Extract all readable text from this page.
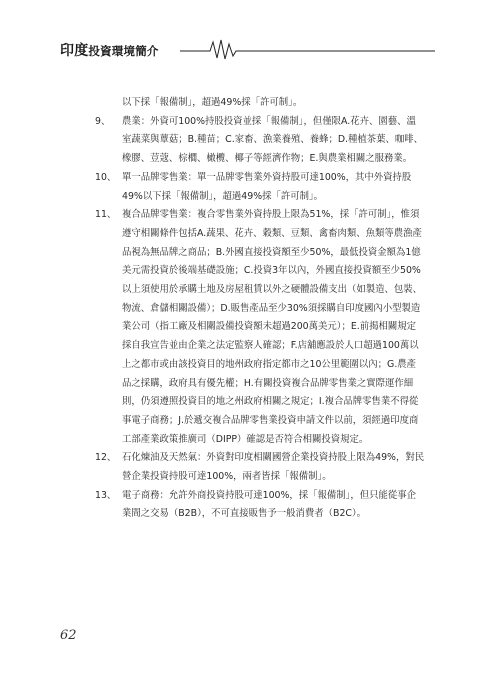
印度投資環境簡介
以下採「報備制」，超過49%採「許可制」。
9、 農業：外資可100%持股投資並採「報備制」，但僅限A.花卉、園藝、溫室蔬菜與蕈菇；B.種苗；C.家畜、漁業養殖、養蜂；D.種植茶葉、咖啡、橡膠、荳蔻、棕櫚、橄欖、椰子等經濟作物；E.與農業相關之服務業。
10、 單一品牌零售業：單一品牌零售業外資持股可達100%，其中外資持股49%以下採「報備制」，超過49%採「許可制」。
11、 複合品牌零售業：複合零售業外資持股上限為51%，採「許可制」，惟須遵守相關條件包括A.蔬果、花卉、穀類、豆類、禽畜肉類、魚類等農漁產品視為無品牌之商品；B.外國直接投資額至少50%，最低投資金額為1億美元需投資於後端基礎設施；C.投資3年以內，外國直接投資額至少50%以上須使用於承購土地及房屋租賃以外之硬體設備支出（如製造、包裝、物流、倉儲相關設備）；D.販售產品至少30%須採購自印度國內小型製造業公司（指工廠及相關設備投資額未超過200萬美元）；E.前揭相關規定採自我宣告並由企業之法定監察人確認；F.店舖應設於人口超過100萬以上之都市或由該投資目的地州政府指定都市之10公里範圍以內；G.農產品之採購，政府具有優先權；H.有關投資複合品牌零售業之實際運作細則，仍須遵照投資目的地之州政府相關之規定；I.複合品牌零售業不得從事電子商務；J.於遞交複合品牌零售業投資申請文件以前，須經過印度商工部產業政策推廣司（DIPP）確認是否符合相關投資規定。
12、 石化煉油及天然氣：外資對印度相關國營企業投資持股上限為49%，對民營企業投資持股可達100%，兩者皆採「報備制」。
13、 電子商務：允許外商投資持股可達100%，採「報備制」，但只能從事企業間之交易（B2B），不可直接販售予一般消費者（B2C）。
62
